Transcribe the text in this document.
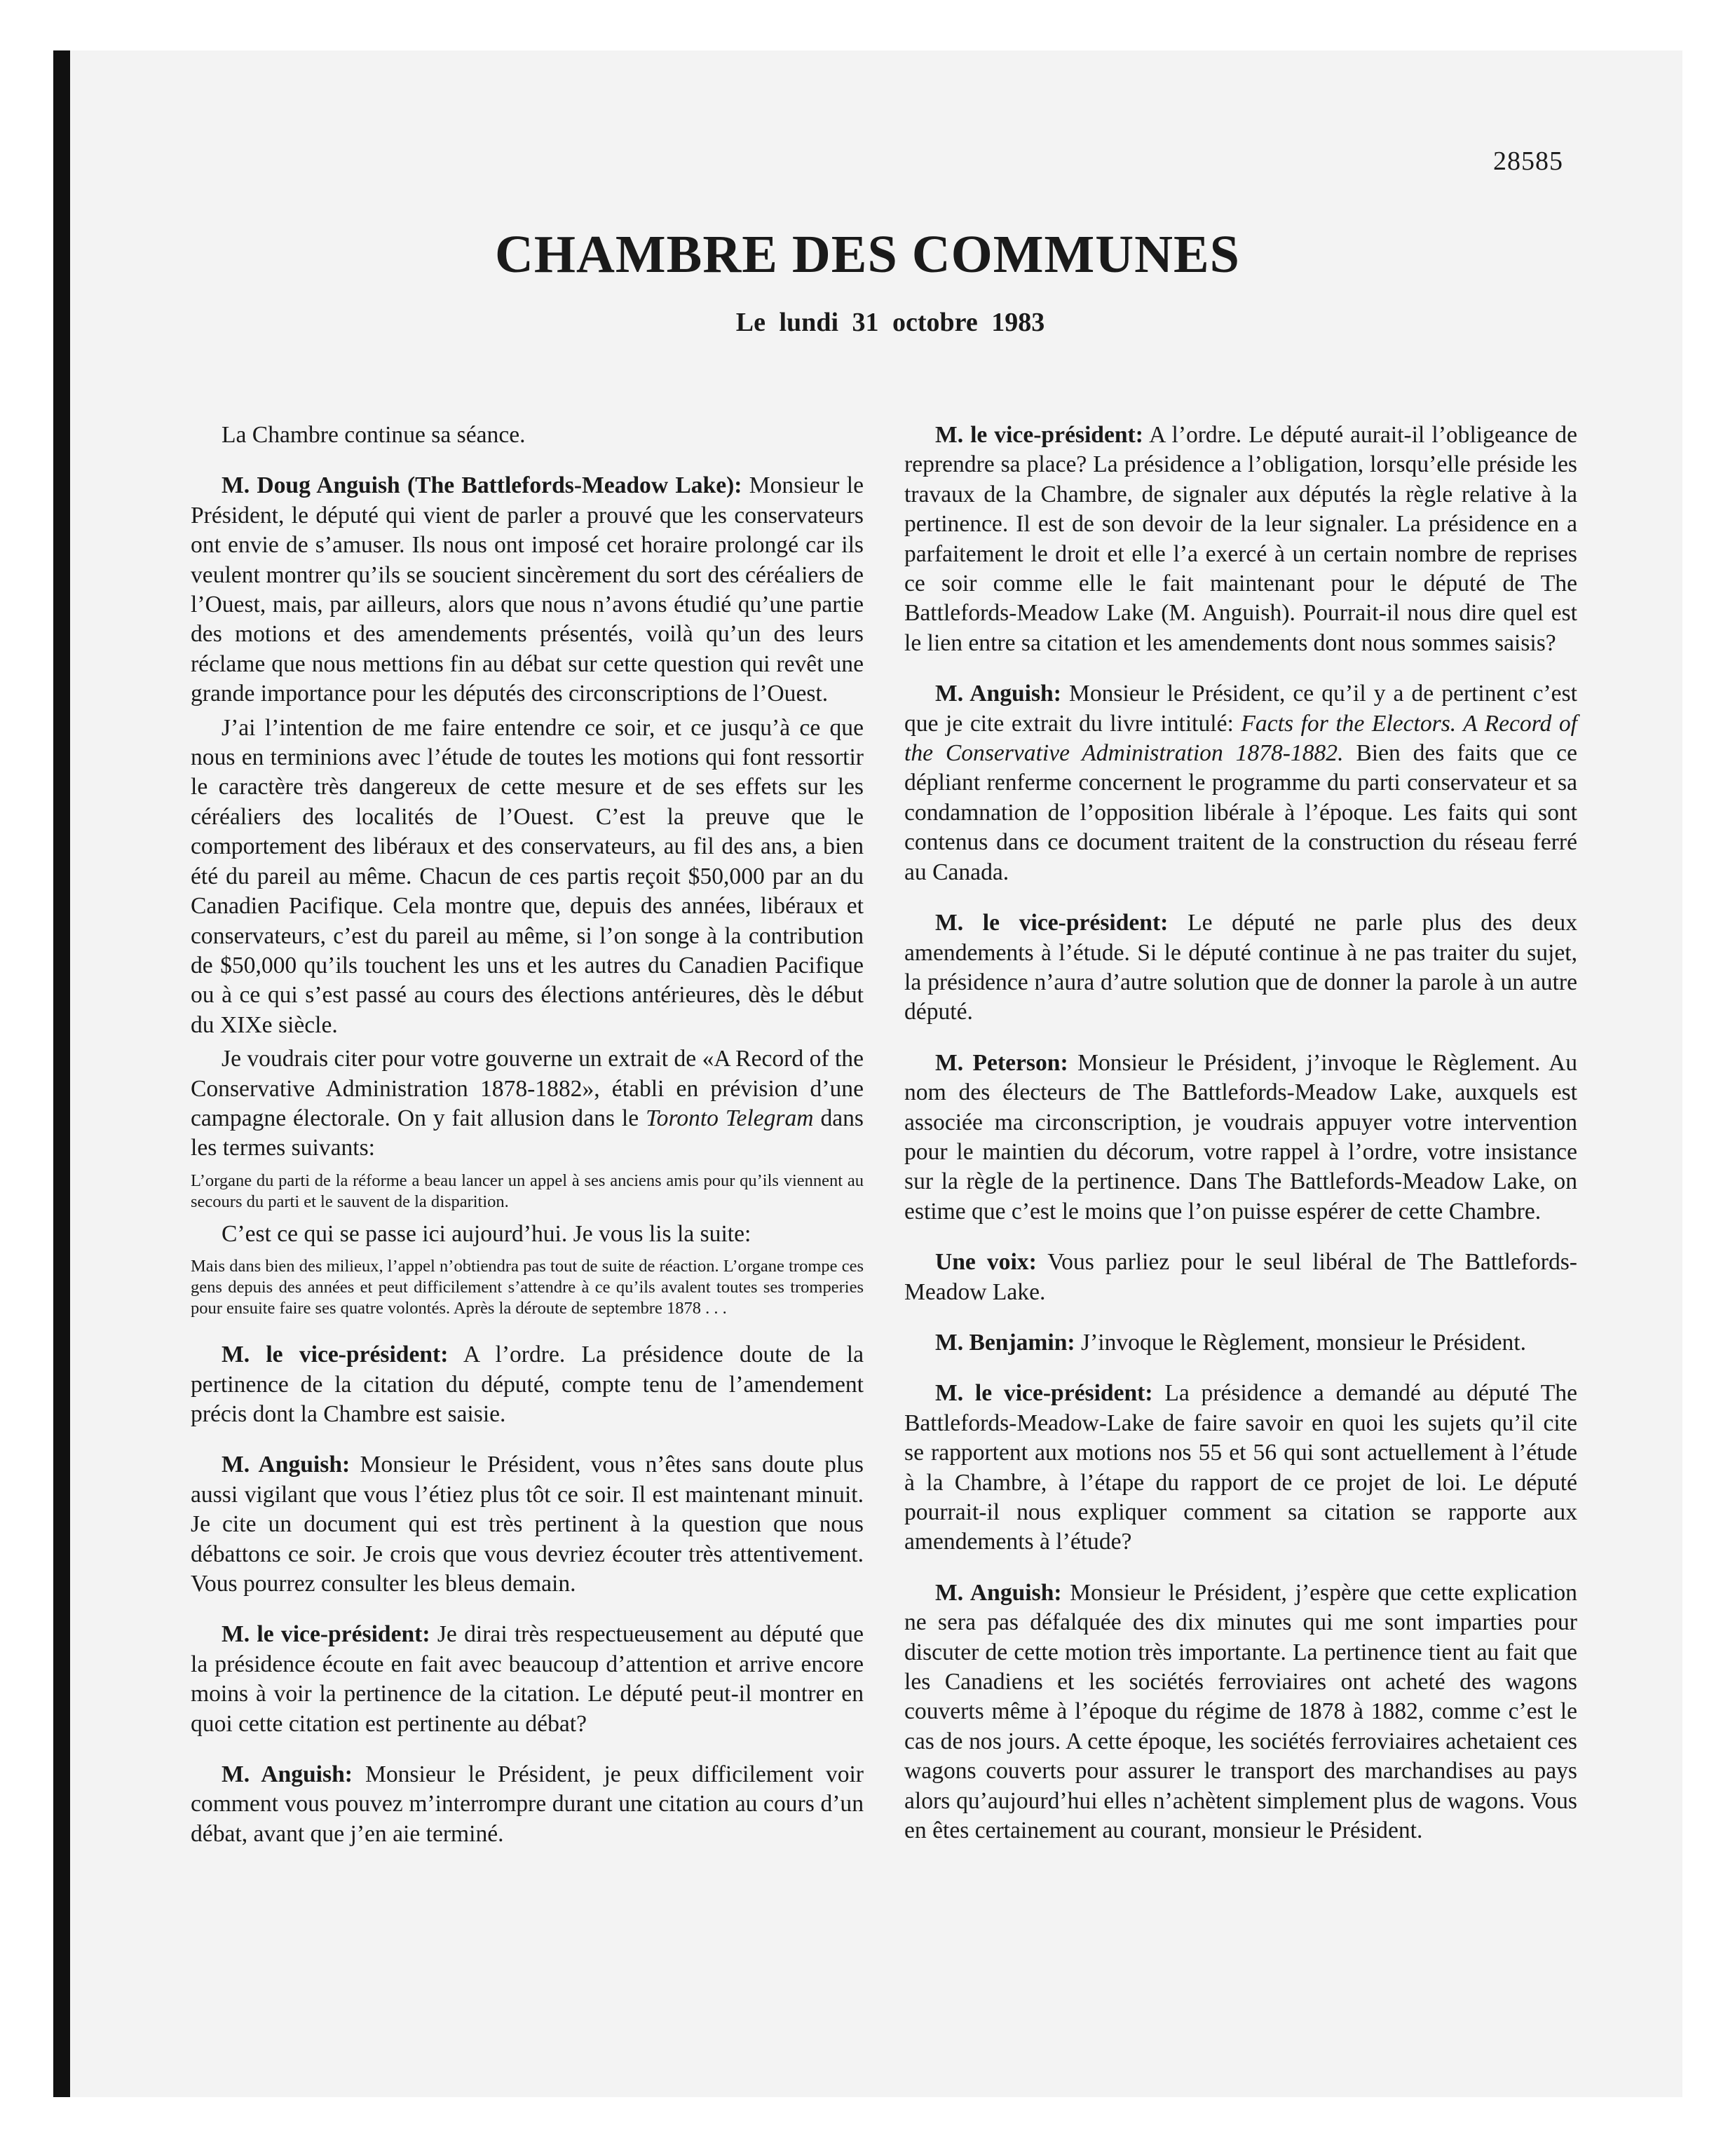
28585
CHAMBRE DES COMMUNES
Le lundi 31 octobre 1983

La Chambre continue sa séance.

M. Doug Anguish (The Battlefords-Meadow Lake): Monsieur le Président, le député qui vient de parler a prouvé que les conservateurs ont envie de s’amuser. Ils nous ont imposé cet horaire prolongé car ils veulent montrer qu’ils se soucient sincèrement du sort des céréaliers de l’Ouest, mais, par ailleurs, alors que nous n’avons étudié qu’une partie des motions et des amendements présentés, voilà qu’un des leurs réclame que nous mettions fin au débat sur cette question qui revêt une grande importance pour les députés des circonscriptions de l’Ouest.

J’ai l’intention de me faire entendre ce soir, et ce jusqu’à ce que nous en terminions avec l’étude de toutes les motions qui font ressortir le caractère très dangereux de cette mesure et de ses effets sur les céréaliers des localités de l’Ouest. C’est la preuve que le comportement des libéraux et des conservateurs, au fil des ans, a bien été du pareil au même. Chacun de ces partis reçoit $50,000 par an du Canadien Pacifique. Cela montre que, depuis des années, libéraux et conservateurs, c’est du pareil au même, si l’on songe à la contribution de $50,000 qu’ils touchent les uns et les autres du Canadien Pacifique ou à ce qui s’est passé au cours des élections antérieures, dès le début du XIXe siècle.

Je voudrais citer pour votre gouverne un extrait de «A Record of the Conservative Administration 1878-1882», établi en prévision d’une campagne électorale. On y fait allusion dans le Toronto Telegram dans les termes suivants:

L’organe du parti de la réforme a beau lancer un appel à ses anciens amis pour qu’ils viennent au secours du parti et le sauvent de la disparition.

C’est ce qui se passe ici aujourd’hui. Je vous lis la suite:

Mais dans bien des milieux, l’appel n’obtiendra pas tout de suite de réaction. L’organe trompe ces gens depuis des années et peut difficilement s’attendre à ce qu’ils avalent toutes ses tromperies pour ensuite faire ses quatre volontés. Après la déroute de septembre 1878 . . .

M. le vice-président: A l’ordre. La présidence doute de la pertinence de la citation du député, compte tenu de l’amendement précis dont la Chambre est saisie.

M. Anguish: Monsieur le Président, vous n’êtes sans doute plus aussi vigilant que vous l’étiez plus tôt ce soir. Il est maintenant minuit. Je cite un document qui est très pertinent à la question que nous débattons ce soir. Je crois que vous devriez écouter très attentivement. Vous pourrez consulter les bleus demain.

M. le vice-président: Je dirai très respectueusement au député que la présidence écoute en fait avec beaucoup d’attention et arrive encore moins à voir la pertinence de la citation. Le député peut-il montrer en quoi cette citation est pertinente au débat?

M. Anguish: Monsieur le Président, je peux difficilement voir comment vous pouvez m’interrompre durant une citation au cours d’un débat, avant que j’en aie terminé.

M. le vice-président: A l’ordre. Le député aurait-il l’obligeance de reprendre sa place? La présidence a l’obligation, lorsqu’elle préside les travaux de la Chambre, de signaler aux députés la règle relative à la pertinence. Il est de son devoir de la leur signaler. La présidence en a parfaitement le droit et elle l’a exercé à un certain nombre de reprises ce soir comme elle le fait maintenant pour le député de The Battlefords-Meadow Lake (M. Anguish). Pourrait-il nous dire quel est le lien entre sa citation et les amendements dont nous sommes saisis?

M. Anguish: Monsieur le Président, ce qu’il y a de pertinent c’est que je cite extrait du livre intitulé: Facts for the Electors. A Record of the Conservative Administration 1878-1882. Bien des faits que ce dépliant renferme concernent le programme du parti conservateur et sa condamnation de l’opposition libérale à l’époque. Les faits qui sont contenus dans ce document traitent de la construction du réseau ferré au Canada.

M. le vice-président: Le député ne parle plus des deux amendements à l’étude. Si le député continue à ne pas traiter du sujet, la présidence n’aura d’autre solution que de donner la parole à un autre député.

M. Peterson: Monsieur le Président, j’invoque le Règlement. Au nom des électeurs de The Battlefords-Meadow Lake, auxquels est associée ma circonscription, je voudrais appuyer votre intervention pour le maintien du décorum, votre rappel à l’ordre, votre insistance sur la règle de la pertinence. Dans The Battlefords-Meadow Lake, on estime que c’est le moins que l’on puisse espérer de cette Chambre.

Une voix: Vous parliez pour le seul libéral de The Battlefords-Meadow Lake.

M. Benjamin: J’invoque le Règlement, monsieur le Président.

M. le vice-président: La présidence a demandé au député The Battlefords-Meadow-Lake de faire savoir en quoi les sujets qu’il cite se rapportent aux motions nos 55 et 56 qui sont actuellement à l’étude à la Chambre, à l’étape du rapport de ce projet de loi. Le député pourrait-il nous expliquer comment sa citation se rapporte aux amendements à l’étude?

M. Anguish: Monsieur le Président, j’espère que cette explication ne sera pas défalquée des dix minutes qui me sont imparties pour discuter de cette motion très importante. La pertinence tient au fait que les Canadiens et les sociétés ferroviaires ont acheté des wagons couverts même à l’époque du régime de 1878 à 1882, comme c’est le cas de nos jours. A cette époque, les sociétés ferroviaires achetaient ces wagons couverts pour assurer le transport des marchandises au pays alors qu’aujourd’hui elles n’achètent simplement plus de wagons. Vous en êtes certainement au courant, monsieur le Président.
